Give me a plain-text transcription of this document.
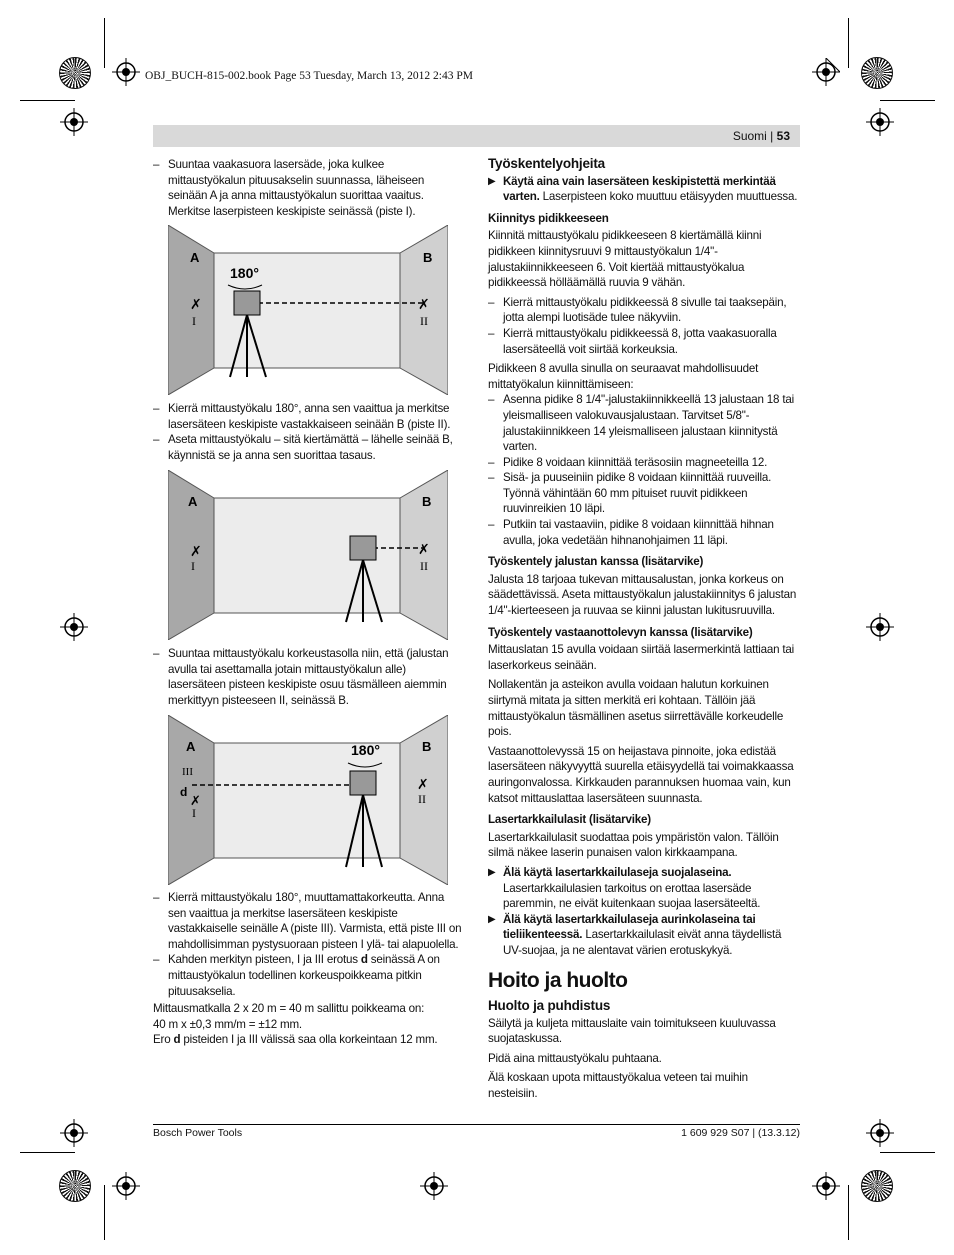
OBJ_BUCH-815-002.book Page 53 Tuesday, March 13, 2012 2:43 PM
Suomi | 53
– Suuntaa vaakasuora lasersäde, joka kulkee mittaustyökalun pituusakselin suunnassa, läheiseen seinään A ja anna mittaustyökalun suorittaa vaaitus. Merkitse laserpisteen keskipiste seinässä (piste I).
A	B
180°
✗
I
✗
II
– Kierrä mittaustyökalu 180°, anna sen vaaittua ja merkitse lasersäteen keskipiste vastakkaiseen seinään B (piste II).
– Aseta mittaustyökalu – sitä kiertämättä – lähelle seinää B, käynnistä se ja anna sen suorittaa tasaus.
A	B
✗
I
✗
II
– Suuntaa mittaustyökalu korkeustasolla niin, että (jalustan avulla tai asettamalla jotain mittaustyökalun alle) lasersäteen pisteen keskipiste osuu täsmälleen aiemmin merkittyyn pisteeseen II, seinässä B.
A	B
180°
III
d
✗
I
✗
II
– Kierrä mittaustyökalu 180°, muuttamattakorkeutta. Anna sen vaaittua ja merkitse lasersäteen keskipiste vastakkaiselle seinälle A (piste III). Varmista, että piste III on mahdollisimman pystysuoraan pisteen I ylä- tai alapuolella.
– Kahden merkityn pisteen, I ja III erotus d seinässä A on mittaustyökalun todellinen korkeuspoikkeama pitkin pituusakselia.

Mittausmatkalla 2 x 20 m = 40 m sallittu poikkeama on:

40 m x ±0,3 mm/m = ±12 mm.

Ero d pisteiden I ja III välissä saa olla korkeintaan 12 mm.

Työskentelyohjeita
▶ Käytä aina vain lasersäteen keskipistettä merkintää varten. Laserpisteen koko muuttuu etäisyyden muuttuessa.
Kiinnitys pidikkeeseen

Kiinnitä mittaustyökalu pidikkeeseen 8 kiertämällä kiinni pidikkeen kiinnitysruuvi 9 mittaustyökalun 1/4"-jalustakiinnikkeeseen 6. Voit kiertää mittaustyökalua pidikkeessä hölläämällä ruuvia 9 vähän.

– Kierrä mittaustyökalu pidikkeessä 8 sivulle tai taaksepäin, jotta alempi luotisäde tulee näkyviin.
– Kierrä mittaustyökalu pidikkeessä 8, jotta vaakasuoralla lasersäteellä voit siirtää korkeuksia.

Pidikkeen 8 avulla sinulla on seuraavat mahdollisuudet mittatyökalun kiinnittämiseen:

– Asenna pidike 8 1/4"-jalustakiinnikkeellä 13 jalustaan 18 tai yleismalliseen valokuvausjalustaan. Tarvitset 5/8"-jalustakiinnikkeen 14 yleismalliseen jalustaan kiinnitystä varten.
– Pidike 8 voidaan kiinnittää teräsosiin magneeteilla 12.
– Sisä- ja puuseiniin pidike 8 voidaan kiinnittää ruuveilla. Työnnä vähintään 60 mm pituiset ruuvit pidikkeen ruuvinreikien 10 läpi.
– Putkiin tai vastaaviin, pidike 8 voidaan kiinnittää hihnan avulla, joka vedetään hihnanohjaimen 11 läpi.
Työskentely jalustan kanssa (lisätarvike)

Jalusta 18 tarjoaa tukevan mittausalustan, jonka korkeus on säädettävissä. Aseta mittaustyökalun jalustakiinnitys 6 jalustan 1/4"-kierteeseen ja ruuvaa se kiinni jalustan lukitusruuvilla.

Työskentely vastaanottolevyn kanssa (lisätarvike)

Mittauslatan 15 avulla voidaan siirtää lasermerkintä lattiaan tai laserkorkeus seinään.

Nollakentän ja asteikon avulla voidaan halutun korkuinen siirtymä mitata ja sitten merkitä eri kohtaan. Tällöin jää mittaustyökalun täsmällinen asetus siirrettävälle korkeudelle pois.

Vastaanottolevyssä 15 on heijastava pinnoite, joka edistää lasersäteen näkyvyyttä suurella etäisyydellä tai voimakkaassa auringonvalossa. Kirkkauden parannuksen huomaa vain, kun katsot mittauslattaa lasersäteen suunnasta.

Lasertarkkailulasit (lisätarvike)

Lasertarkkailulasit suodattaa pois ympäristön valon. Tällöin silmä näkee laserin punaisen valon kirkkaampana.

▶ Älä käytä lasertarkkailulaseja suojalaseina. Lasertarkkailulasien tarkoitus on erottaa lasersäde paremmin, ne eivät kuitenkaan suojaa lasersäteeltä.
▶ Älä käytä lasertarkkailulaseja aurinkolaseina tai tieliikenteessä. Lasertarkkailulasit eivät anna täydellistä UV-suojaa, ja ne alentavat värien erotuskykyä.
Hoito ja huolto
Huolto ja puhdistus

Säilytä ja kuljeta mittauslaite vain toimitukseen kuuluvassa suojataskussa.

Pidä aina mittaustyökalu puhtaana.

Älä koskaan upota mittaustyökalua veteen tai muihin nesteisiin.

Bosch Power Tools	1 609 929 S07 | (13.3.12)
